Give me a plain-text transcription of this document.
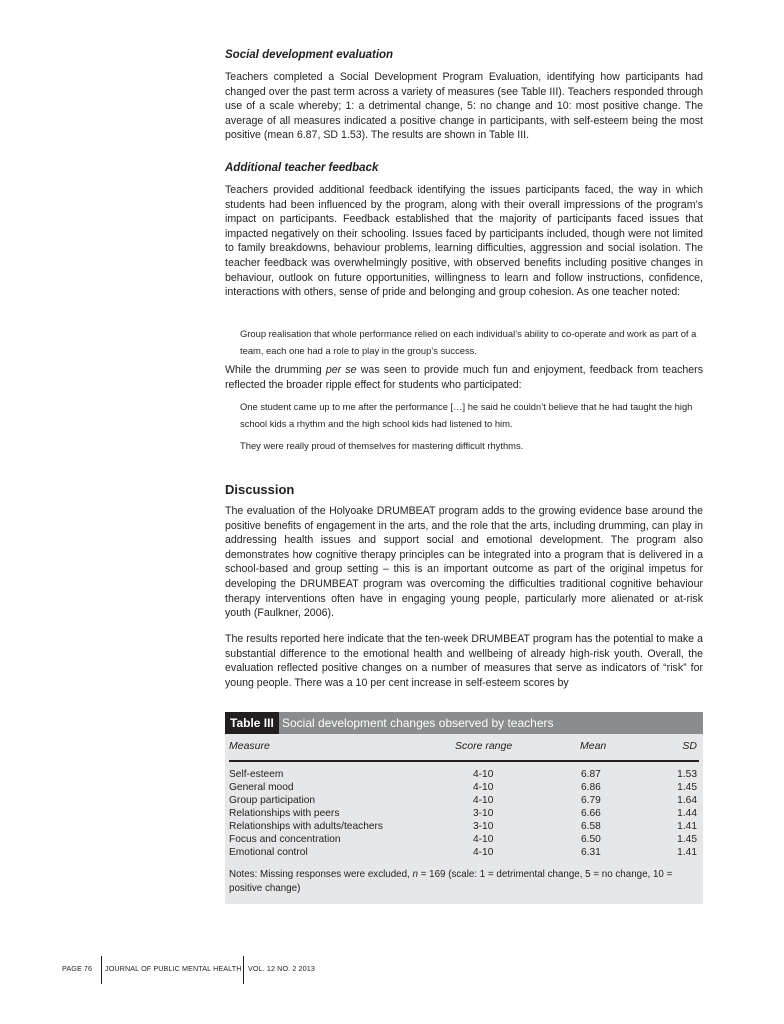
Social development evaluation

Teachers completed a Social Development Program Evaluation, identifying how participants had changed over the past term across a variety of measures (see Table III). Teachers responded through use of a scale whereby; 1: a detrimental change, 5: no change and 10: most positive change. The average of all measures indicated a positive change in participants, with self-esteem being the most positive (mean 6.87, SD 1.53). The results are shown in Table III.

Additional teacher feedback

Teachers provided additional feedback identifying the issues participants faced, the way in which students had been influenced by the program, along with their overall impressions of the program’s impact on participants. Feedback established that the majority of participants faced issues that impacted negatively on their schooling. Issues faced by participants included, though were not limited to family breakdowns, behaviour problems, learning difficulties, aggression and social isolation. The teacher feedback was overwhelmingly positive, with observed benefits including positive changes in behaviour, outlook on future opportunities, willingness to learn and follow instructions, confidence, interactions with others, sense of pride and belonging and group cohesion. As one teacher noted:

Group realisation that whole performance relied on each individual’s ability to co-operate and work as part of a team, each one had a role to play in the group’s success.

While the drumming per se was seen to provide much fun and enjoyment, feedback from teachers reflected the broader ripple effect for students who participated:

One student came up to me after the performance […] he said he couldn’t believe that he had taught the high school kids a rhythm and the high school kids had listened to him.

They were really proud of themselves for mastering difficult rhythms.

Discussion

The evaluation of the Holyoake DRUMBEAT program adds to the growing evidence base around the positive benefits of engagement in the arts, and the role that the arts, including drumming, can play in addressing health issues and support social and emotional development. The program also demonstrates how cognitive therapy principles can be integrated into a program that is delivered in a school-based and group setting – this is an important outcome as part of the original impetus for developing the DRUMBEAT program was overcoming the difficulties traditional cognitive behaviour therapy interventions often have in engaging young people, particularly more alienated or at-risk youth (Faulkner, 2006).

The results reported here indicate that the ten-week DRUMBEAT program has the potential to make a substantial difference to the emotional health and wellbeing of already high-risk youth. Overall, the evaluation reflected positive changes on a number of measures that serve as indicators of “risk” for young people. There was a 10 per cent increase in self-esteem scores by

Table III Social development changes observed by teachers
Measure	Score range	Mean	SD
Self-esteem	4-10	6.87	1.53
General mood	4-10	6.86	1.45
Group participation	4-10	6.79	1.64
Relationships with peers	3-10	6.66	1.44
Relationships with adults/teachers	3-10	6.58	1.41
Focus and concentration	4-10	6.50	1.45
Emotional control	4-10	6.31	1.41
Notes: Missing responses were excluded, n = 169 (scale: 1 = detrimental change, 5 = no change, 10 = positive change)
PAGE 76 JOURNAL OF PUBLIC MENTAL HEALTH VOL. 12 NO. 2 2013
